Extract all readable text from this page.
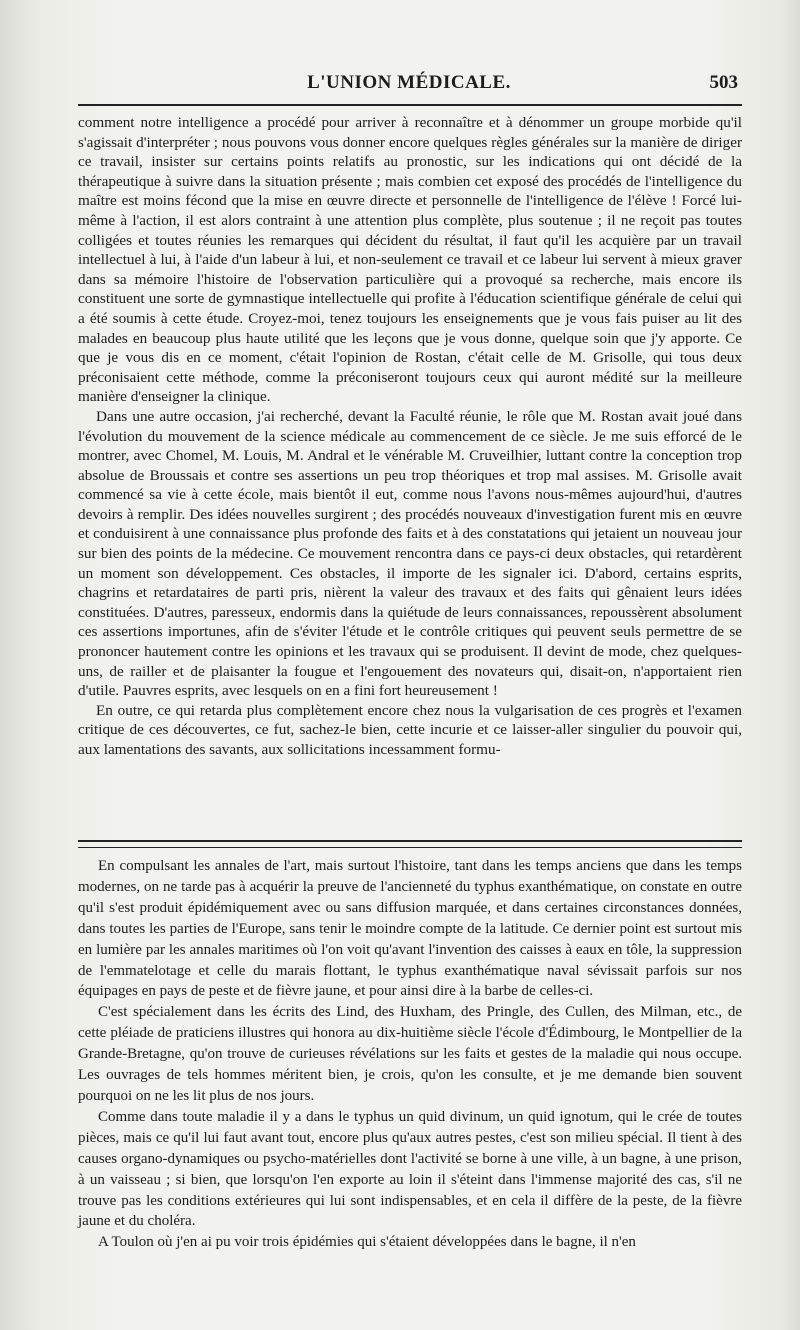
L'UNION MÉDICALE.	503

comment notre intelligence a procédé pour arriver à reconnaître et à dénommer un groupe morbide qu'il s'agissait d'interpréter ; nous pouvons vous donner encore quelques règles générales sur la manière de diriger ce travail, insister sur certains points relatifs au pronostic, sur les indications qui ont décidé de la thérapeutique à suivre dans la situation présente ; mais combien cet exposé des procédés de l'intelligence du maître est moins fécond que la mise en œuvre directe et personnelle de l'intelligence de l'élève ! Forcé lui-même à l'action, il est alors contraint à une attention plus complète, plus soutenue ; il ne reçoit pas toutes colligées et toutes réunies les remarques qui décident du résultat, il faut qu'il les acquière par un travail intellectuel à lui, à l'aide d'un labeur à lui, et non-seulement ce travail et ce labeur lui servent à mieux graver dans sa mémoire l'histoire de l'observation particulière qui a provoqué sa recherche, mais encore ils constituent une sorte de gymnastique intellectuelle qui profite à l'éducation scientifique générale de celui qui a été soumis à cette étude. Croyez-moi, tenez toujours les enseignements que je vous fais puiser au lit des malades en beaucoup plus haute utilité que les leçons que je vous donne, quelque soin que j'y apporte. Ce que je vous dis en ce moment, c'était l'opinion de Rostan, c'était celle de M. Grisolle, qui tous deux préconisaient cette méthode, comme la préconiseront toujours ceux qui auront médité sur la meilleure manière d'enseigner la clinique.

Dans une autre occasion, j'ai recherché, devant la Faculté réunie, le rôle que M. Rostan avait joué dans l'évolution du mouvement de la science médicale au commencement de ce siècle. Je me suis efforcé de le montrer, avec Chomel, M. Louis, M. Andral et le vénérable M. Cruveilhier, luttant contre la conception trop absolue de Broussais et contre ses assertions un peu trop théoriques et trop mal assises. M. Grisolle avait commencé sa vie à cette école, mais bientôt il eut, comme nous l'avons nous-mêmes aujourd'hui, d'autres devoirs à remplir. Des idées nouvelles surgirent ; des procédés nouveaux d'investigation furent mis en œuvre et conduisirent à une connaissance plus profonde des faits et à des constatations qui jetaient un nouveau jour sur bien des points de la médecine. Ce mouvement rencontra dans ce pays-ci deux obstacles, qui retardèrent un moment son développement. Ces obstacles, il importe de les signaler ici. D'abord, certains esprits, chagrins et retardataires de parti pris, nièrent la valeur des travaux et des faits qui gênaient leurs idées constituées. D'autres, paresseux, endormis dans la quiétude de leurs connaissances, repoussèrent absolument ces assertions importunes, afin de s'éviter l'étude et le contrôle critiques qui peuvent seuls permettre de se prononcer hautement contre les opinions et les travaux qui se produisent. Il devint de mode, chez quelques-uns, de railler et de plaisanter la fougue et l'engouement des novateurs qui, disait-on, n'apportaient rien d'utile. Pauvres esprits, avec lesquels on en a fini fort heureusement !

En outre, ce qui retarda plus complètement encore chez nous la vulgarisation de ces progrès et l'examen critique de ces découvertes, ce fut, sachez-le bien, cette incurie et ce laisser-aller singulier du pouvoir qui, aux lamentations des savants, aux sollicitations incessamment formu-

En compulsant les annales de l'art, mais surtout l'histoire, tant dans les temps anciens que dans les temps modernes, on ne tarde pas à acquérir la preuve de l'ancienneté du typhus exanthématique, on constate en outre qu'il s'est produit épidémiquement avec ou sans diffusion marquée, et dans certaines circonstances données, dans toutes les parties de l'Europe, sans tenir le moindre compte de la latitude. Ce dernier point est surtout mis en lumière par les annales maritimes où l'on voit qu'avant l'invention des caisses à eaux en tôle, la suppression de l'emmatelotage et celle du marais flottant, le typhus exanthématique naval sévissait parfois sur nos équipages en pays de peste et de fièvre jaune, et pour ainsi dire à la barbe de celles-ci.

C'est spécialement dans les écrits des Lind, des Huxham, des Pringle, des Cullen, des Milman, etc., de cette pléiade de praticiens illustres qui honora au dix-huitième siècle l'école d'Édimbourg, le Montpellier de la Grande-Bretagne, qu'on trouve de curieuses révélations sur les faits et gestes de la maladie qui nous occupe. Les ouvrages de tels hommes méritent bien, je crois, qu'on les consulte, et je me demande bien souvent pourquoi on ne les lit plus de nos jours.

Comme dans toute maladie il y a dans le typhus un quid divinum, un quid ignotum, qui le crée de toutes pièces, mais ce qu'il lui faut avant tout, encore plus qu'aux autres pestes, c'est son milieu spécial. Il tient à des causes organo-dynamiques ou psycho-matérielles dont l'activité se borne à une ville, à un bagne, à une prison, à un vaisseau ; si bien, que lorsqu'on l'en exporte au loin il s'éteint dans l'immense majorité des cas, s'il ne trouve pas les conditions extérieures qui lui sont indispensables, et en cela il diffère de la peste, de la fièvre jaune et du choléra.

A Toulon où j'en ai pu voir trois épidémies qui s'étaient développées dans le bagne, il n'en
